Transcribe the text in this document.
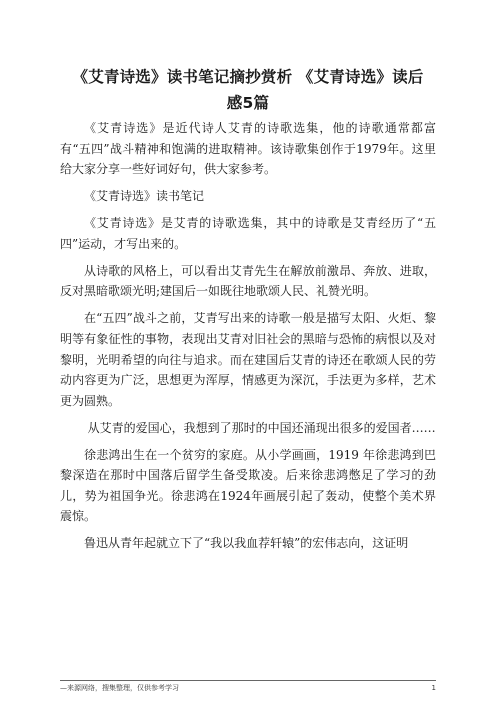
《艾青诗选》读书笔记摘抄赏析 《艾青诗选》读后
感5篇

《艾青诗选》是近代诗人艾青的诗歌选集，他的诗歌通常都富有“五四”战斗精神和饱满的进取精神。该诗歌集创作于1979年。这里给大家分享一些好词好句，供大家参考。

《艾青诗选》读书笔记

《艾青诗选》是艾青的诗歌选集，其中的诗歌是艾青经历了“五四”运动，才写出来的。

从诗歌的风格上，可以看出艾青先生在解放前激昂、奔放、进取，反对黑暗歌颂光明;建国后一如既往地歌颂人民、礼赞光明。

在“五四”战斗之前，艾青写出来的诗歌一般是描写太阳、火炬、黎明等有象征性的事物，表现出艾青对旧社会的黑暗与恐怖的病恨以及对黎明，光明希望的向往与追求。而在建国后艾青的诗还在歌颂人民的劳动内容更为广泛，思想更为浑厚，情感更为深沉，手法更为多样，艺术更为圆熟。

从艾青的爱国心，我想到了那时的中国还涌现出很多的爱国者……

徐悲鸿出生在一个贫穷的家庭。从小学画画，1919 年徐悲鸿到巴黎深造在那时中国落后留学生备受欺凌。后来徐悲鸿憋足了学习的劲儿，势为祖国争光。徐悲鸿在1924年画展引起了轰动，使整个美术界震惊。

鲁迅从青年起就立下了“我以我血荐轩辕”的宏伟志向，这证明

—来源网络，搜集整理，仅供参考学习	1
